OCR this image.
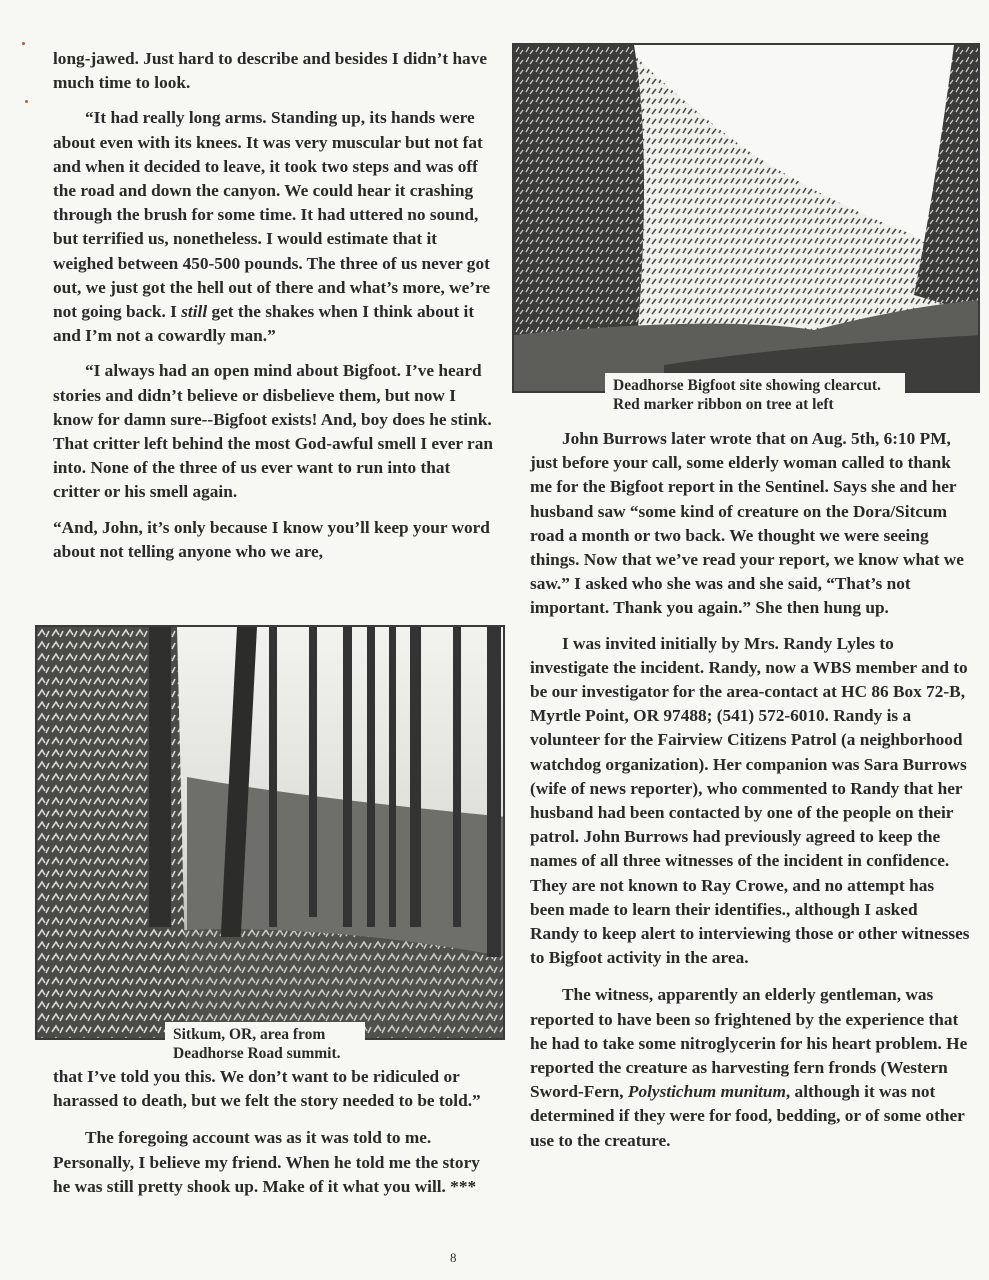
long-jawed. Just hard to describe and besides I didn’t have much time to look.

“It had really long arms. Standing up, its hands were about even with its knees. It was very muscular but not fat and when it decided to leave, it took two steps and was off the road and down the canyon. We could hear it crashing through the brush for some time. It had uttered no sound, but terrified us, nonetheless. I would estimate that it weighed between 450-500 pounds. The three of us never got out, we just got the hell out of there and what’s more, we’re not going back. I still get the shakes when I think about it and I’m not a cowardly man.”

“I always had an open mind about Bigfoot. I’ve heard stories and didn’t believe or disbelieve them, but now I know for damn sure--Bigfoot exists! And, boy does he stink. That critter left behind the most God-awful smell I ever ran into. None of the three of us ever want to run into that critter or his smell again.

“And, John, it’s only because I know you’ll keep your word about not telling anyone who we are,

Sitkum, OR, area from
Deadhorse Road summit.

that I’ve told you this. We don’t want to be ridiculed or harassed to death, but we felt the story needed to be told.”

The foregoing account was as it was told to me. Personally, I believe my friend. When he told me the story he was still pretty shook up. Make of it what you will. ***

Deadhorse Bigfoot site showing clearcut.
Red marker ribbon on tree at left

John Burrows later wrote that on Aug. 5th, 6:10 PM, just before your call, some elderly woman called to thank me for the Bigfoot report in the Sentinel. Says she and her husband saw “some kind of creature on the Dora/Sitcum road a month or two back. We thought we were seeing things. Now that we’ve read your report, we know what we saw.” I asked who she was and she said, “That’s not important. Thank you again.” She then hung up.

I was invited initially by Mrs. Randy Lyles to investigate the incident. Randy, now a WBS member and to be our investigator for the area-contact at HC 86 Box 72-B, Myrtle Point, OR 97488; (541) 572-6010. Randy is a volunteer for the Fairview Citizens Patrol (a neighborhood watchdog organization). Her companion was Sara Burrows (wife of news reporter), who commented to Randy that her husband had been contacted by one of the people on their patrol. John Burrows had previously agreed to keep the names of all three witnesses of the incident in confidence. They are not known to Ray Crowe, and no attempt has been made to learn their identifies., although I asked Randy to keep alert to interviewing those or other witnesses to Bigfoot activity in the area.

The witness, apparently an elderly gentleman, was reported to have been so frightened by the experience that he had to take some nitroglycerin for his heart problem. He reported the creature as harvesting fern fronds (Western Sword-Fern, Polystichum munitum, although it was not determined if they were for food, bedding, or of some other use to the creature.

8
